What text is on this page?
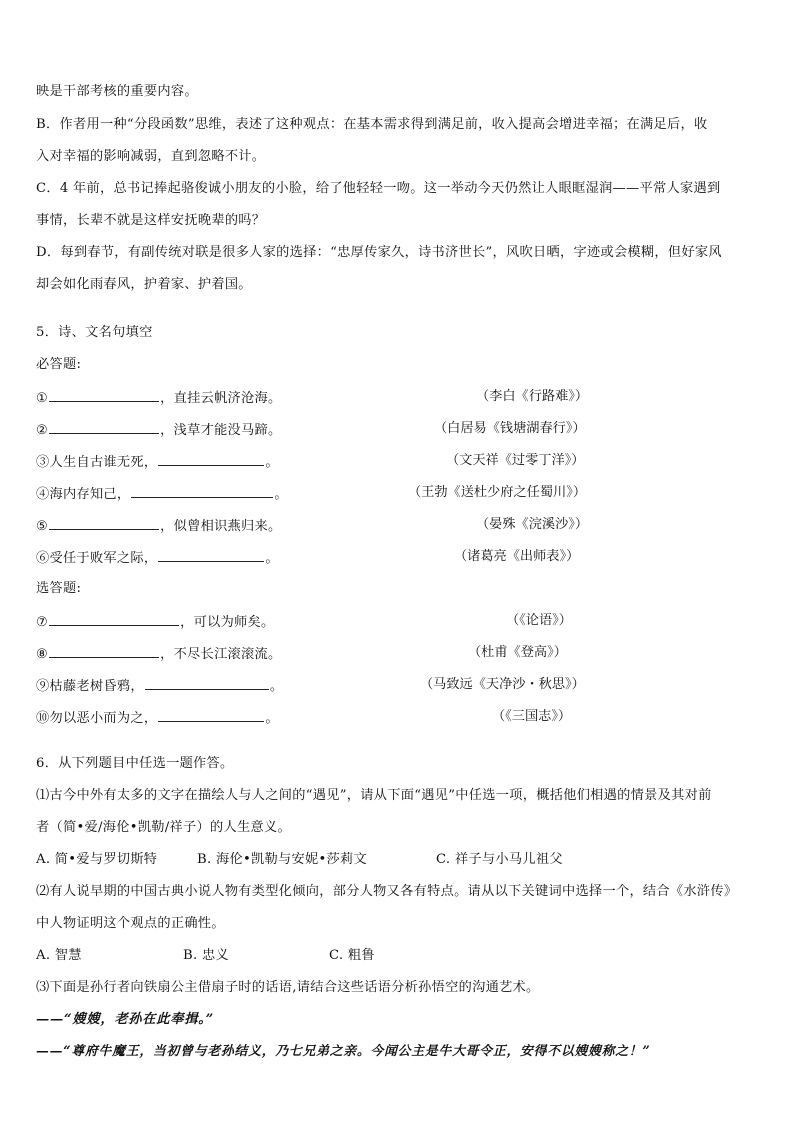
映是干部考核的重要内容。
B．作者用一种“分段函数”思维，表述了这种观点：在基本需求得到满足前，收入提高会增进幸福；在满足后，收
入对幸福的影响减弱，直到忽略不计。
C．4 年前，总书记捧起骆俊诚小朋友的小脸，给了他轻轻一吻。这一举动今天仍然让人眼眶湿润——平常人家遇到
事情，长辈不就是这样安抚晚辈的吗？
D．每到春节，有副传统对联是很多人家的选择：“忠厚传家久，诗书济世长”，风吹日晒，字迹或会模糊，但好家风
却会如化雨春风，护着家、护着国。
5．诗、文名句填空
必答题:
①	，直挂云帆济沧海。	（李白《行路难》）
②	，浅草才能没马蹄。	（白居易《钱塘湖春行》）
③人生自古谁无死，	。	（文天祥《过零丁洋》）
④海内存知己，	。	（王勃《送杜少府之任蜀川》）
⑤	，似曾相识燕归来。	（晏殊《浣溪沙》）
⑥受任于败军之际，	。	（诸葛亮《出师表》）
选答题:
⑦	，可以为师矣。	（《论语》）
⑧	，不尽长江滚滚流。	（杜甫《登高》）
⑨枯藤老树昏鸦，	。	（马致远《天净沙・秋思》）
⑩勿以恶小而为之，	。	（《三国志》）
6．从下列题目中任选一题作答。
⑴古今中外有太多的文字在描绘人与人之间的“遇见”，请从下面“遇见”中任选一项，概括他们相遇的情景及其对前
者（简•爱/海伦•凯勒/祥子）的人生意义。
A. 简•爱与罗切斯特	B. 海伦•凯勒与安妮•莎莉文	C. 祥子与小马儿祖父
⑵有人说早期的中国古典小说人物有类型化倾向，部分人物又各有特点。请从以下关键词中选择一个，结合《水浒传》
中人物证明这个观点的正确性。
A. 智慧	B. 忠义	C. 粗鲁
⑶下面是孙行者向铁扇公主借扇子时的话语,请结合这些话语分析孙悟空的沟通艺术。
——“嫂嫂，老孙在此奉揖。”
——“尊府牛魔王，当初曾与老孙结义，乃七兄弟之亲。今闻公主是牛大哥令正，安得不以嫂嫂称之！”
